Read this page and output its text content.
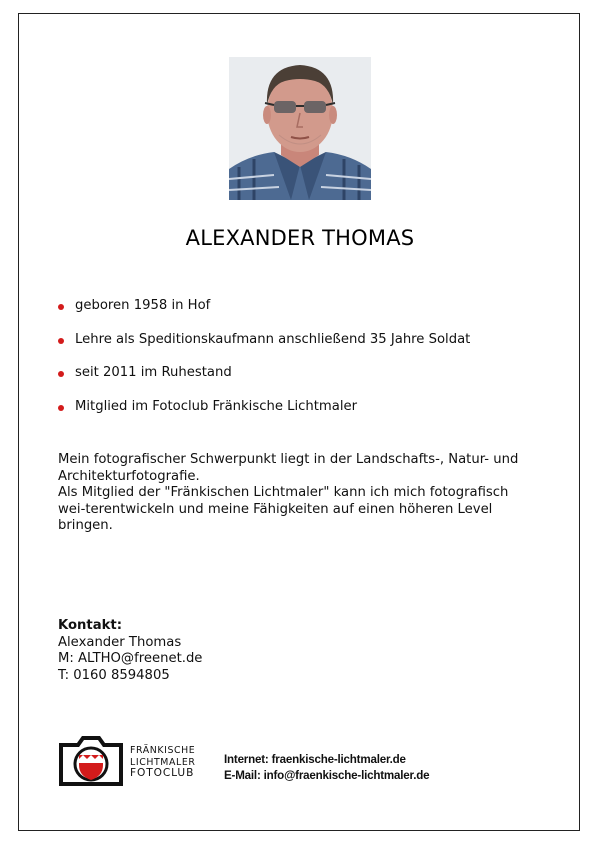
ALEXANDER THOMAS
geboren 1958 in Hof
Lehre als Speditionskaufmann anschließend 35 Jahre Soldat
seit 2011 im Ruhestand
Mitglied im Fotoclub Fränkische Lichtmaler

Mein fotografischer Schwerpunkt liegt in der Landschafts-, Natur- und Architekturfotografie.

Als Mitglied der "Fränkischen Lichtmaler" kann ich mich fotografisch wei-terentwickeln und meine Fähigkeiten auf einen höheren Level bringen.

Kontakt:
Alexander Thomas
M: ALTHO@freenet.de
T: 0160 8594805
FRÄNKISCHE
LICHTMALER
FOTOCLUB
Internet: fraenkische-lichtmaler.de
E-Mail: info@fraenkische-lichtmaler.de
